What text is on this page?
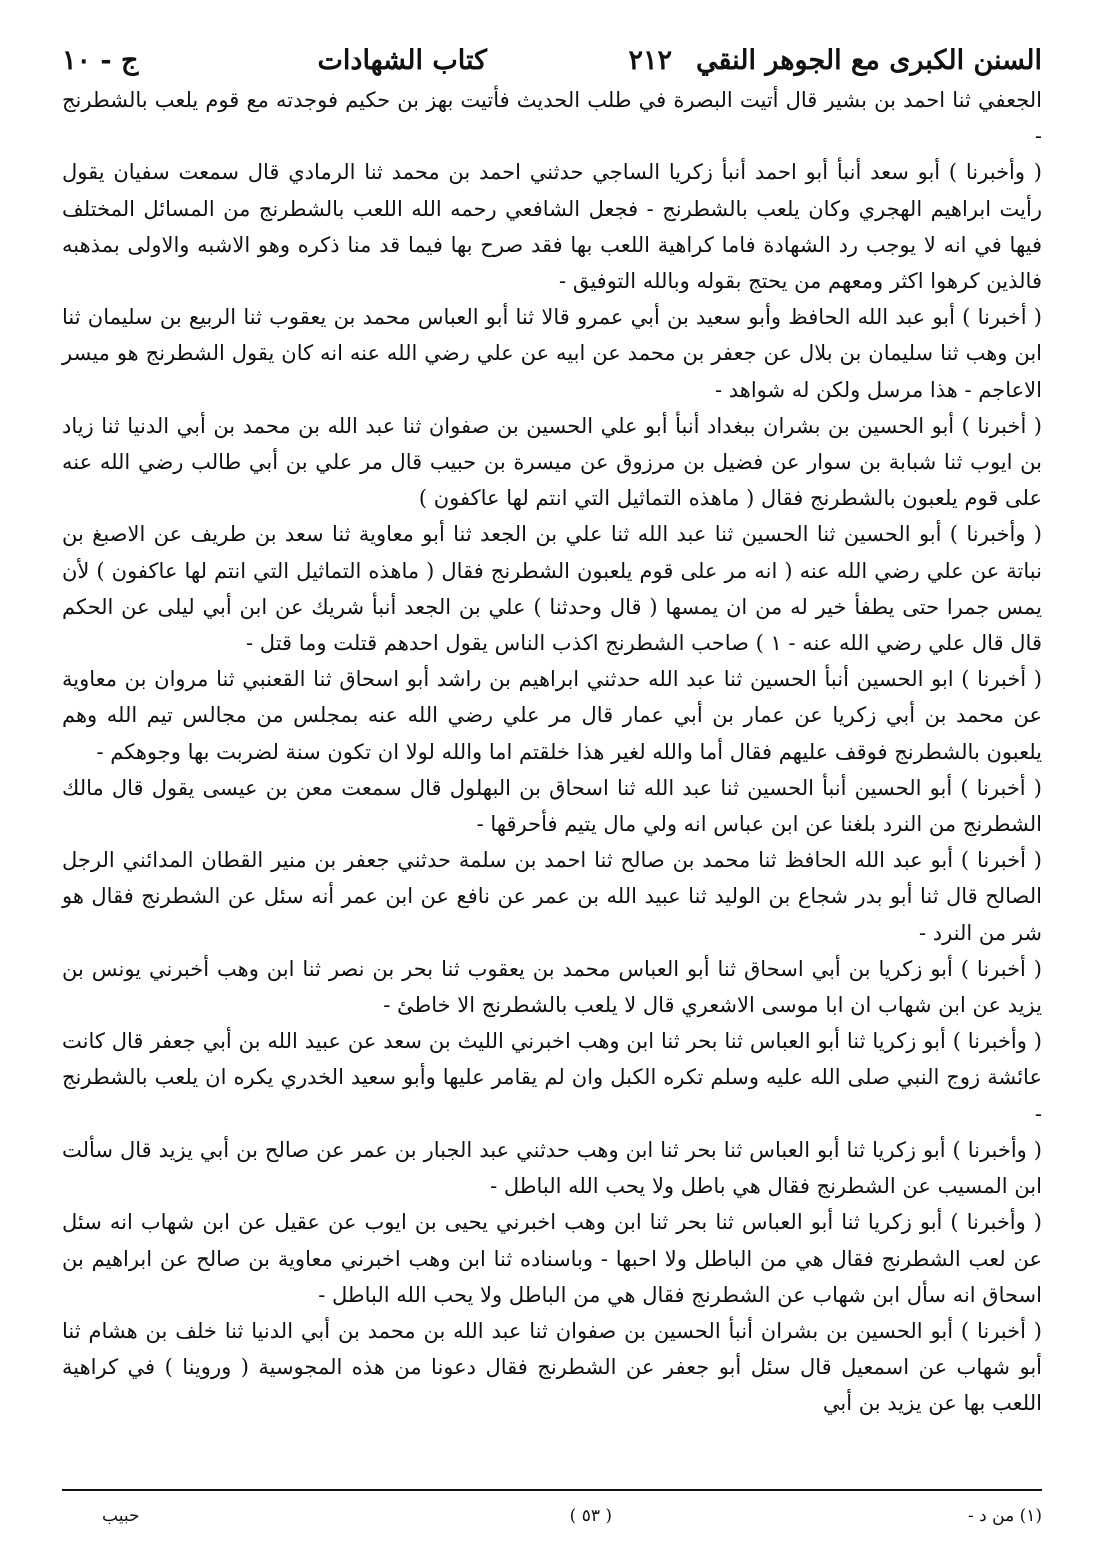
السنن الكبرى مع الجوهر النقي
٢١٢
كتاب الشهادات
ج - ١٠

الجعفي ثنا احمد بن بشير قال أتيت البصرة في طلب الحديث فأتيت بهز بن حكيم فوجدته مع قوم يلعب بالشطرنج -

( وأخبرنا ) أبو سعد أنبأ أبو احمد أنبأ زكريا الساجي حدثني احمد بن محمد ثنا الرمادي قال سمعت سفيان يقول رأيت ابراهيم الهجري وكان يلعب بالشطرنج - فجعل الشافعي رحمه الله اللعب بالشطرنج من المسائل المختلف فيها في انه لا يوجب رد الشهادة فاما كراهية اللعب بها فقد صرح بها فيما قد منا ذكره وهو الاشبه والاولى بمذهبه فالذين كرهوا اكثر ومعهم من يحتج بقوله وبالله التوفيق -

( أخبرنا ) أبو عبد الله الحافظ وأبو سعيد بن أبي عمرو قالا ثنا أبو العباس محمد بن يعقوب ثنا الربيع بن سليمان ثنا ابن وهب ثنا سليمان بن بلال عن جعفر بن محمد عن ابيه عن علي رضي الله عنه انه كان يقول الشطرنج هو ميسر الاعاجم - هذا مرسل ولكن له شواهد -

( أخبرنا ) أبو الحسين بن بشران ببغداد أنبأ أبو علي الحسين بن صفوان ثنا عبد الله بن محمد بن أبي الدنيا ثنا زياد بن ايوب ثنا شبابة بن سوار عن فضيل بن مرزوق عن ميسرة بن حبيب قال مر علي بن أبي طالب رضي الله عنه على قوم يلعبون بالشطرنج فقال ( ماهذه التماثيل التي انتم لها عاكفون )

( وأخبرنا ) أبو الحسين ثنا الحسين ثنا عبد الله ثنا علي بن الجعد ثنا أبو معاوية ثنا سعد بن طريف عن الاصبغ بن نباتة عن علي رضي الله عنه ( انه مر على قوم يلعبون الشطرنج فقال ( ماهذه التماثيل التي انتم لها عاكفون ) لأن يمس جمرا حتى يطفأ خير له من ان يمسها ( قال وحدثنا ) علي بن الجعد أنبأ شريك عن ابن أبي ليلى عن الحكم قال قال علي رضي الله عنه - ١ ) صاحب الشطرنج اكذب الناس يقول احدهم قتلت وما قتل -

( أخبرنا ) ابو الحسين أنبأ الحسين ثنا عبد الله حدثني ابراهيم بن راشد أبو اسحاق ثنا القعنبي ثنا مروان بن معاوية عن محمد بن أبي زكريا عن عمار بن أبي عمار قال مر علي رضي الله عنه بمجلس من مجالس تيم الله وهم يلعبون بالشطرنج فوقف عليهم فقال أما والله لغير هذا خلقتم اما والله لولا ان تكون سنة لضربت بها وجوهكم -

( أخبرنا ) أبو الحسين أنبأ الحسين ثنا عبد الله ثنا اسحاق بن البهلول قال سمعت معن بن عيسى يقول قال مالك الشطرنج من النرد بلغنا عن ابن عباس انه ولي مال يتيم فأحرقها -

( أخبرنا ) أبو عبد الله الحافظ ثنا محمد بن صالح ثنا احمد بن سلمة حدثني جعفر بن منير القطان المدائني الرجل الصالح قال ثنا أبو بدر شجاع بن الوليد ثنا عبيد الله بن عمر عن نافع عن ابن عمر أنه سئل عن الشطرنج فقال هو شر من النرد -

( أخبرنا ) أبو زكريا بن أبي اسحاق ثنا أبو العباس محمد بن يعقوب ثنا بحر بن نصر ثنا ابن وهب أخبرني يونس بن يزيد عن ابن شهاب ان ابا موسى الاشعري قال لا يلعب بالشطرنج الا خاطئ -

( وأخبرنا ) أبو زكريا ثنا أبو العباس ثنا بحر ثنا ابن وهب اخبرني الليث بن سعد عن عبيد الله بن أبي جعفر قال كانت عائشة زوج النبي صلى الله عليه وسلم تكره الكبل وان لم يقامر عليها وأبو سعيد الخدري يكره ان يلعب بالشطرنج -

( وأخبرنا ) أبو زكريا ثنا أبو العباس ثنا بحر ثنا ابن وهب حدثني عبد الجبار بن عمر عن صالح بن أبي يزيد قال سألت ابن المسيب عن الشطرنج فقال هي باطل ولا يحب الله الباطل -

( وأخبرنا ) أبو زكريا ثنا أبو العباس ثنا بحر ثنا ابن وهب اخبرني يحيى بن ايوب عن عقيل عن ابن شهاب انه سئل عن لعب الشطرنج فقال هي من الباطل ولا احبها - وباسناده ثنا ابن وهب اخبرني معاوية بن صالح عن ابراهيم بن اسحاق انه سأل ابن شهاب عن الشطرنج فقال هي من الباطل ولا يحب الله الباطل -

( أخبرنا ) أبو الحسين بن بشران أنبأ الحسين بن صفوان ثنا عبد الله بن محمد بن أبي الدنيا ثنا خلف بن هشام ثنا أبو شهاب عن اسمعيل قال سئل أبو جعفر عن الشطرنج فقال دعونا من هذه المجوسية ( وروينا ) في كراهية اللعب بها عن يزيد بن أبي

(١) من د -
( ٥٣ )
حبيب
